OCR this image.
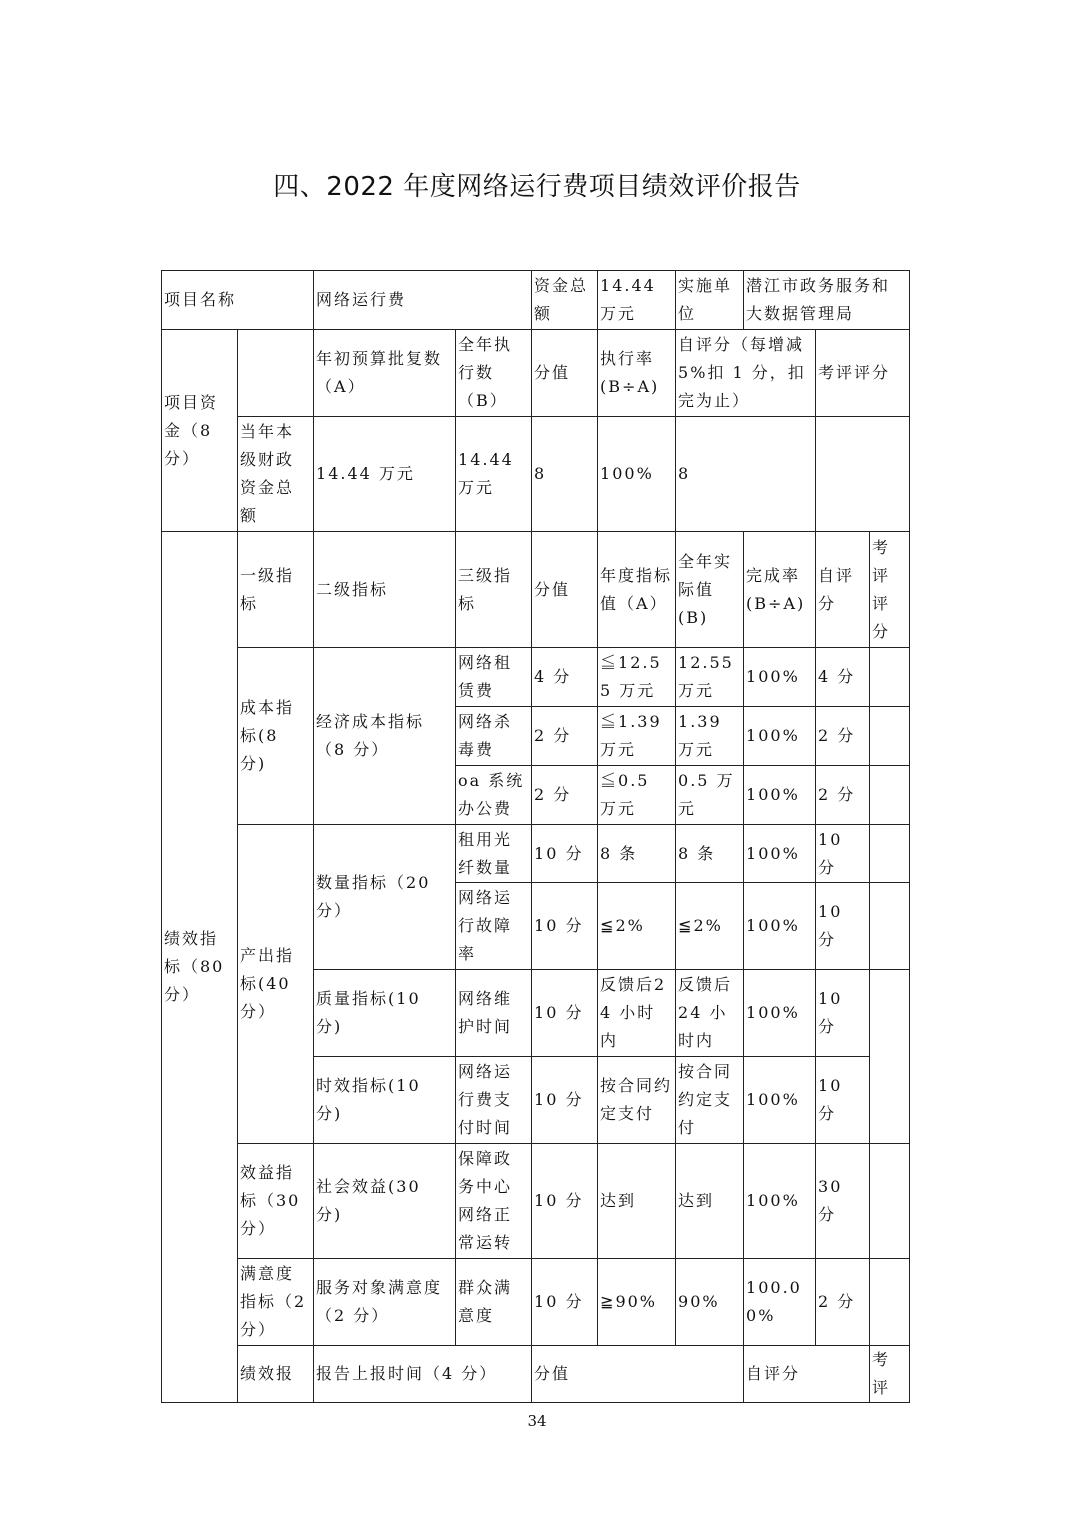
四、2022 年度网络运行费项目绩效评价报告
项目名称		网络运行费		资金总额	14.44 万元	实施单位	潜江市政务服务和大数据管理局			
项目资金（8 分）		年初预算批复数（A）	全年执行数（B）	分值	执行率(B÷A)	自评分（每增减5%扣 1 分，扣完为止）		考评评分		
	当年本级财政资金总额	14.44 万元	14.44 万元	8	100%	8				
绩效指标（80 分）	一级指标	二级指标	三级指标	分值	年度指标值（A）	全年实际值(B)	完成率(B÷A)	自评分	考评评分	
	成本指标(8 分)	经济成本指标（8 分）	网络租赁费	4 分	≦12.55 万元	12.55 万元	100%	4 分		
			网络杀毒费	2 分	≦1.39 万元	1.39 万元	100%	2 分		
			oa 系统办公费	2 分	≦0.5 万元	0.5 万元	100%	2 分		
	产出指标(40 分）	数量指标（20 分）	租用光纤数量	10 分	8 条	8 条	100%	10 分		
			网络运行故障率	10 分	≦2%	≦2%	100%	10 分		
		质量指标(10 分)	网络维护时间	10 分	反馈后24 小时内	反馈后24 小时内	100%	10 分		
		时效指标(10 分)	网络运行费支付时间	10 分	按合同约定支付	按合同约定支付	100%	10 分		
	效益指标（30 分）	社会效益(30 分)	保障政务中心网络正常运转	10 分	达到	达到	100%	30 分		
	满意度指标（2 分）	服务对象满意度（2 分）	群众满意度	10 分	≧90%	90%	100.00%	2 分		
	绩效报	报告上报时间（4 分）		分值			自评分		考评	
34
